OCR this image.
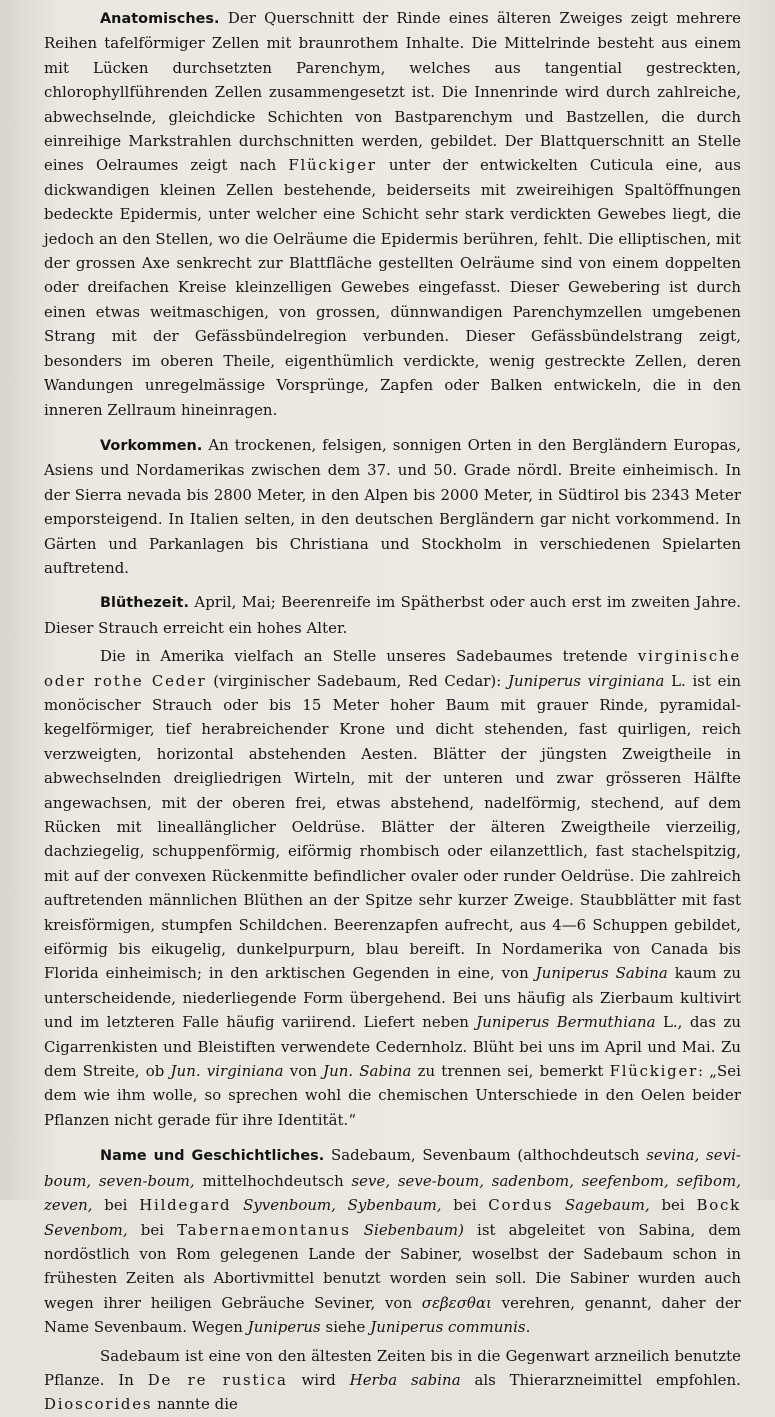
Anatomisches. Der Querschnitt der Rinde eines älteren Zweiges zeigt mehrere Reihen tafelförmiger Zellen mit braunrothem Inhalte. Die Mittelrinde besteht aus einem mit Lücken durchsetzten Parenchym, welches aus tangential gestreckten, chlorophyllführenden Zellen zusammengesetzt ist. Die Innenrinde wird durch zahlreiche, abwechselnde, gleichdicke Schichten von Bastparenchym und Bastzellen, die durch einreihige Markstrahlen durchschnitten werden, gebildet. Der Blattquerschnitt an Stelle eines Oelraumes zeigt nach Flückiger unter der entwickelten Cuticula eine, aus dickwandigen kleinen Zellen bestehende, beiderseits mit zweireihigen Spaltöffnungen bedeckte Epidermis, unter welcher eine Schicht sehr stark verdickten Gewebes liegt, die jedoch an den Stellen, wo die Oelräume die Epidermis berühren, fehlt. Die elliptischen, mit der grossen Axe senkrecht zur Blattfläche gestellten Oelräume sind von einem doppelten oder dreifachen Kreise kleinzelligen Gewebes eingefasst. Dieser Gewebering ist durch einen etwas weitmaschigen, von grossen, dünnwandigen Parenchymzellen umgebenen Strang mit der Gefässbündelregion verbunden. Dieser Gefässbündelstrang zeigt, besonders im oberen Theile, eigenthümlich verdickte, wenig gestreckte Zellen, deren Wandungen unregelmässige Vorsprünge, Zapfen oder Balken entwickeln, die in den inneren Zellraum hineinragen.

Vorkommen. An trockenen, felsigen, sonnigen Orten in den Bergländern Europas, Asiens und Nordamerikas zwischen dem 37. und 50. Grade nördl. Breite einheimisch. In der Sierra nevada bis 2800 Meter, in den Alpen bis 2000 Meter, in Südtirol bis 2343 Meter emporsteigend. In Italien selten, in den deutschen Bergländern gar nicht vorkommend. In Gärten und Parkanlagen bis Christiana und Stockholm in verschiedenen Spielarten auftretend.

Blüthezeit. April, Mai; Beerenreife im Spätherbst oder auch erst im zweiten Jahre. Dieser Strauch erreicht ein hohes Alter.

Die in Amerika vielfach an Stelle unseres Sadebaumes tretende virginische oder rothe Ceder (virginischer Sadebaum, Red Cedar): Juniperus virginiana L. ist ein monöcischer Strauch oder bis 15 Meter hoher Baum mit grauer Rinde, pyramidal-kegelförmiger, tief herabreichender Krone und dicht stehenden, fast quirligen, reich verzweigten, horizontal abstehenden Aesten. Blätter der jüngsten Zweigtheile in abwechselnden dreigliedrigen Wirteln, mit der unteren und zwar grösseren Hälfte angewachsen, mit der oberen frei, etwas abstehend, nadelförmig, stechend, auf dem Rücken mit lineallänglicher Oeldrüse. Blätter der älteren Zweigtheile vierzeilig, dachziegelig, schuppenförmig, eiförmig rhombisch oder eilanzettlich, fast stachelspitzig, mit auf der convexen Rückenmitte befindlicher ovaler oder runder Oeldrüse. Die zahlreich auftretenden männlichen Blüthen an der Spitze sehr kurzer Zweige. Staubblätter mit fast kreisförmigen, stumpfen Schildchen. Beerenzapfen aufrecht, aus 4—6 Schuppen gebildet, eiförmig bis eikugelig, dunkelpurpurn, blau bereift. In Nordamerika von Canada bis Florida einheimisch; in den arktischen Gegenden in eine, von Juniperus Sabina kaum zu unterscheidende, niederliegende Form übergehend. Bei uns häufig als Zierbaum kultivirt und im letzteren Falle häufig variirend. Liefert neben Juniperus Bermuthiana L., das zu Cigarrenkisten und Bleistiften verwendete Cedernholz. Blüht bei uns im April und Mai. Zu dem Streite, ob Jun. virginiana von Jun. Sabina zu trennen sei, bemerkt Flückiger: „Sei dem wie ihm wolle, so sprechen wohl die chemischen Unterschiede in den Oelen beider Pflanzen nicht gerade für ihre Identität.“

Name und Geschichtliches. Sadebaum, Sevenbaum (althochdeutsch sevina, sevi-boum, seven-boum, mittelhochdeutsch seve, seve-boum, sadenbom, seefenbom, sefibom, zeven, bei Hildegard Syvenboum, Sybenbaum, bei Cordus Sagebaum, bei Bock Sevenbom, bei Tabernaemontanus Siebenbaum) ist abgeleitet von Sabina, dem nordöstlich von Rom gelegenen Lande der Sabiner, woselbst der Sadebaum schon in frühesten Zeiten als Abortivmittel benutzt worden sein soll. Die Sabiner wurden auch wegen ihrer heiligen Gebräuche Seviner, von σεβεσθαι verehren, genannt, daher der Name Sevenbaum. Wegen Juniperus siehe Juniperus communis.

Sadebaum ist eine von den ältesten Zeiten bis in die Gegenwart arzneilich benutzte Pflanze. In De re rustica wird Herba sabina als Thierarzneimittel empfohlen. Dioscorides nannte die
